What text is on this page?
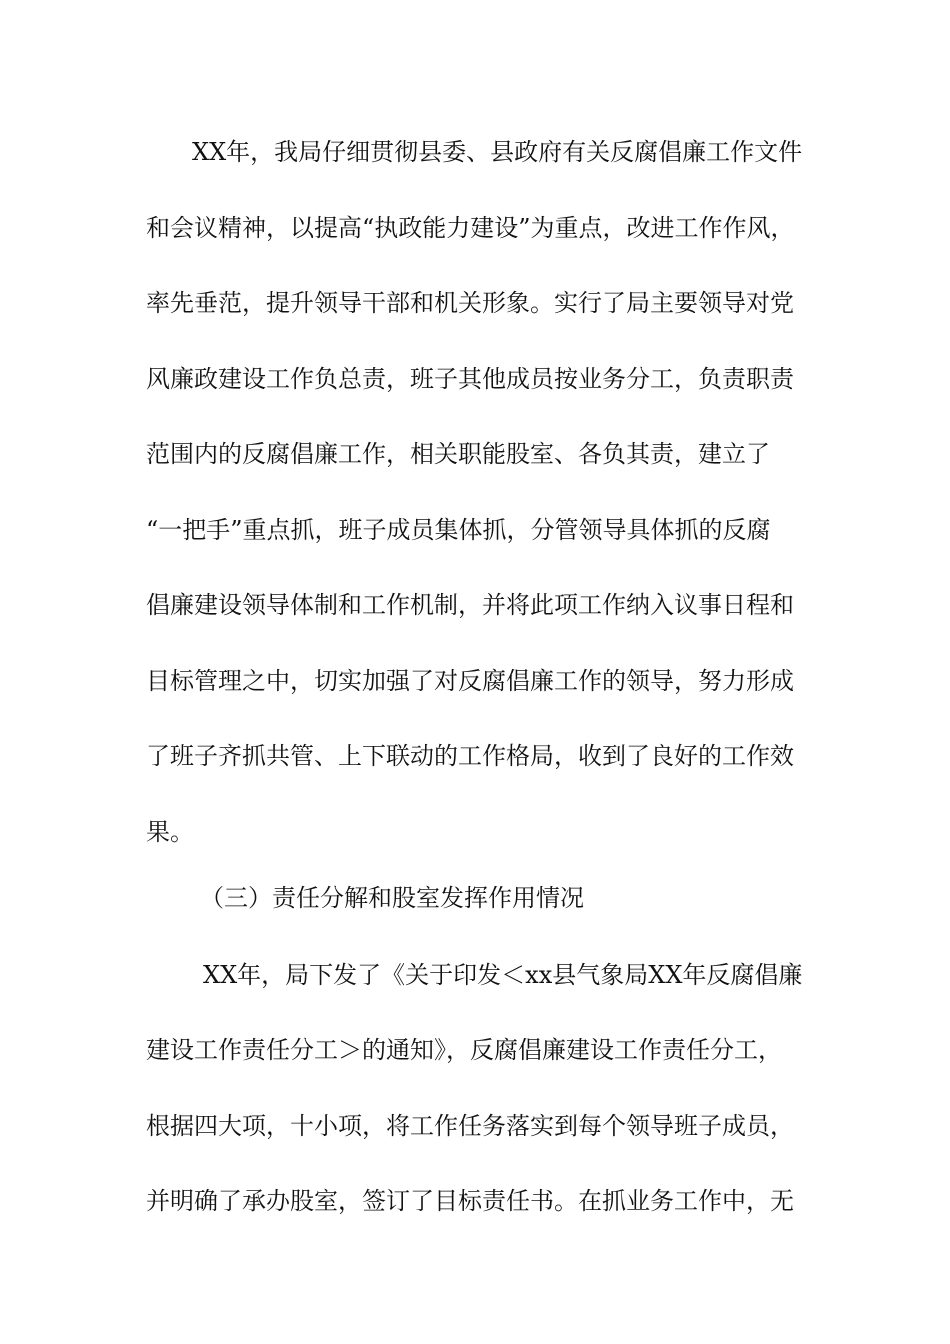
XX年，我局仔细贯彻县委、县政府有关反腐倡廉工作文件
和会议精神，以提高“执政能力建设”为重点，改进工作作风，
率先垂范，提升领导干部和机关形象。实行了局主要领导对党
风廉政建设工作负总责，班子其他成员按业务分工，负责职责
范围内的反腐倡廉工作，相关职能股室、各负其责，建立了
“一把手”重点抓，班子成员集体抓，分管领导具体抓的反腐
倡廉建设领导体制和工作机制，并将此项工作纳入议事日程和
目标管理之中，切实加强了对反腐倡廉工作的领导，努力形成
了班子齐抓共管、上下联动的工作格局，收到了良好的工作效
果。
（三）责任分解和股室发挥作用情况
XX年，局下发了《关于印发＜xx县气象局XX年反腐倡廉
建设工作责任分工＞的通知》，反腐倡廉建设工作责任分工，
根据四大项，十小项，将工作任务落实到每个领导班子成员，
并明确了承办股室，签订了目标责任书。在抓业务工作中，无
